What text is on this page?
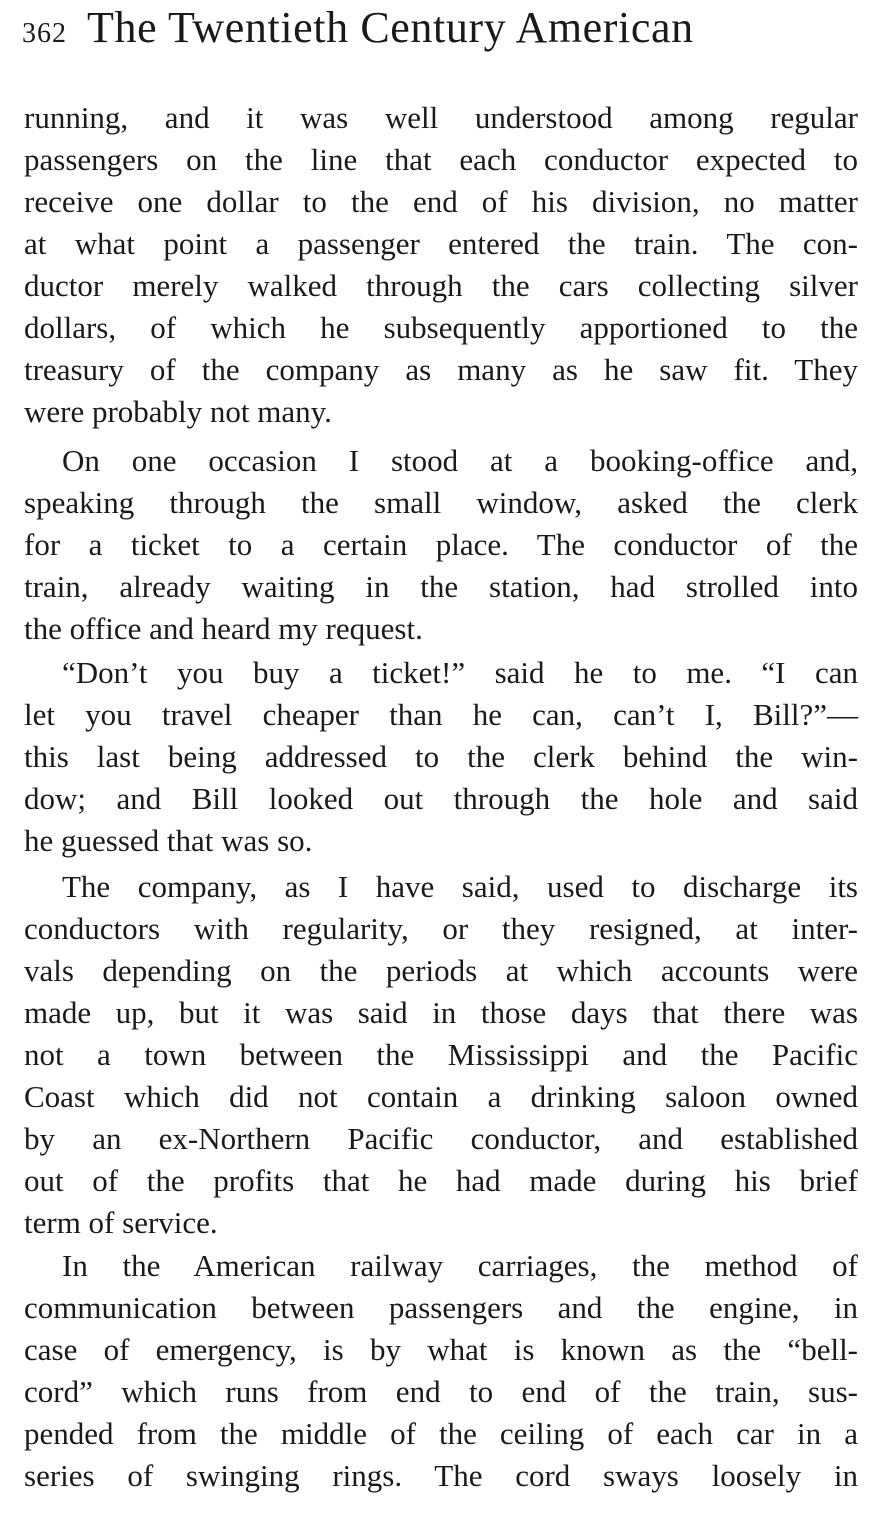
362 The Twentieth Century American
running, and it was well understood among regular
passengers on the line that each conductor expected to
receive one dollar to the end of his division, no matter
at what point a passenger entered the train. The con-
ductor merely walked through the cars collecting silver
dollars, of which he subsequently apportioned to the
treasury of the company as many as he saw fit. They
were probably not many.
On one occasion I stood at a booking-office and,
speaking through the small window, asked the clerk
for a ticket to a certain place. The conductor of the
train, already waiting in the station, had strolled into
the office and heard my request.
“Don’t you buy a ticket!” said he to me. “I can
let you travel cheaper than he can, can’t I, Bill?”—
this last being addressed to the clerk behind the win-
dow; and Bill looked out through the hole and said
he guessed that was so.
The company, as I have said, used to discharge its
conductors with regularity, or they resigned, at inter-
vals depending on the periods at which accounts were
made up, but it was said in those days that there was
not a town between the Mississippi and the Pacific
Coast which did not contain a drinking saloon owned
by an ex-Northern Pacific conductor, and established
out of the profits that he had made during his brief
term of service.
In the American railway carriages, the method of
communication between passengers and the engine, in
case of emergency, is by what is known as the “bell-
cord” which runs from end to end of the train, sus-
pended from the middle of the ceiling of each car in a
series of swinging rings. The cord sways loosely in
